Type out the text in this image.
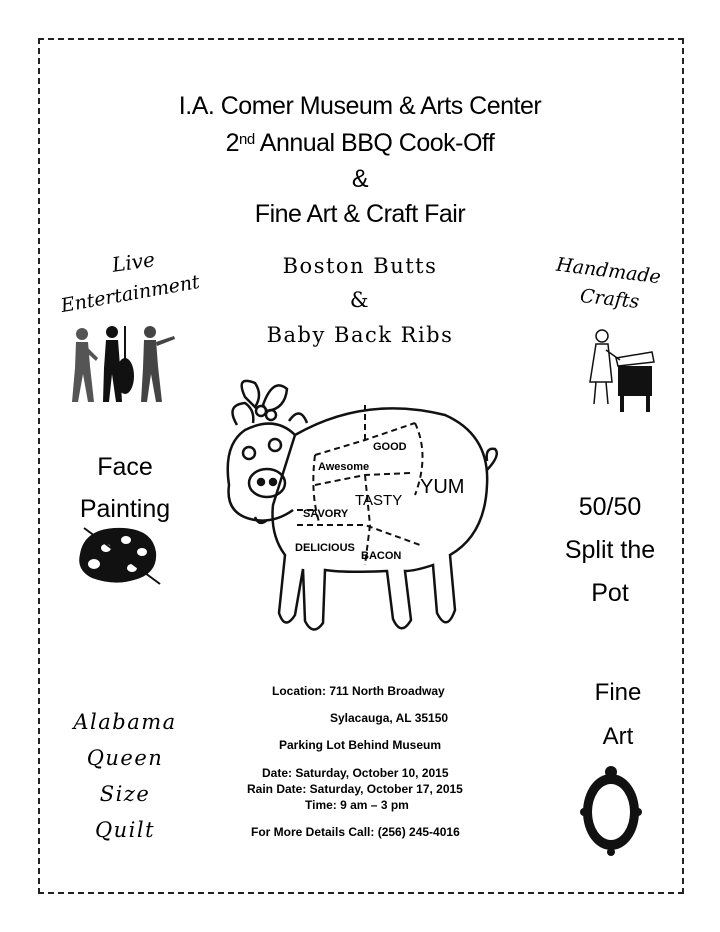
I.A. Comer Museum & Arts Center
2nd Annual BBQ Cook-Off
&
Fine Art & Craft Fair
Live
Entertainment
Boston Butts
&
Baby Back Ribs
GOOD
Awesome
YUM
TASTY
SAVORY
DELICIOUS
BACON
Handmade
Crafts
Face
Painting	50/50
Split the
Pot
Alabama
Queen
Size
Quilt
Fine
Art
Location: 711 North Broadway
Sylacauga, AL 35150
Parking Lot Behind Museum
Date: Saturday, October 10, 2015
Rain Date: Saturday, October 17, 2015
Time: 9 am – 3 pm
For More Details Call: (256) 245-4016
